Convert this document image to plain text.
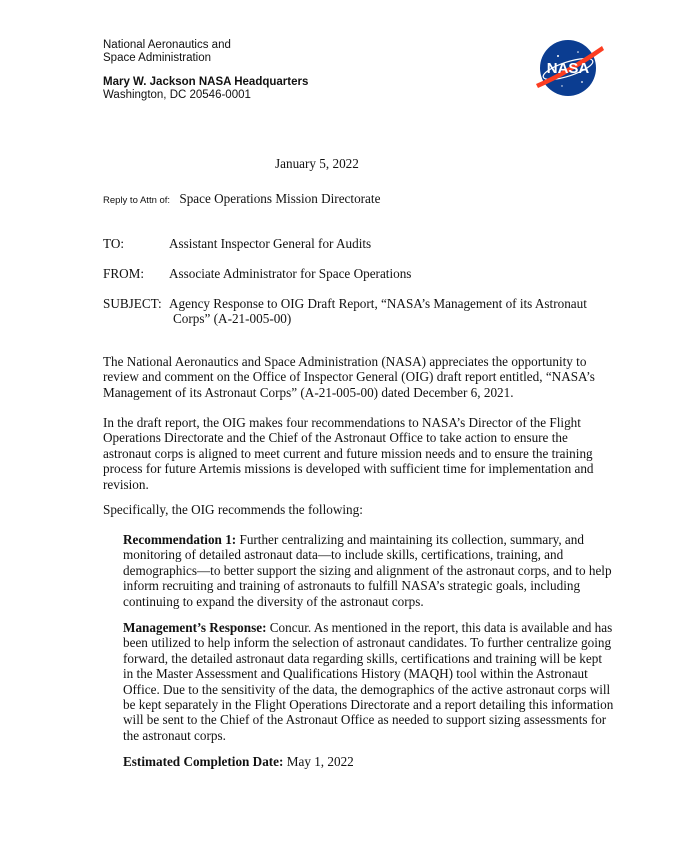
National Aeronautics and
Space Administration
Mary W. Jackson NASA Headquarters
Washington, DC 20546-0001
NASA
January 5, 2022
Reply to Attn of: Space Operations Mission Directorate
TO:	Assistant Inspector General for Audits
FROM: Associate Administrator for Space Operations
SUBJECT: Agency Response to OIG Draft Report, “NASA’s Management of its Astronaut
Corps” (A-21-005-00)
The National Aeronautics and Space Administration (NASA) appreciates the opportunity to review and comment on the Office of Inspector General (OIG) draft report entitled, “NASA’s Management of its Astronaut Corps” (A-21-005-00) dated December 6, 2021.
In the draft report, the OIG makes four recommendations to NASA’s Director of the Flight Operations Directorate and the Chief of the Astronaut Office to take action to ensure the astronaut corps is aligned to meet current and future mission needs and to ensure the training process for future Artemis missions is developed with sufficient time for implementation and revision.
Specifically, the OIG recommends the following:
Recommendation 1: Further centralizing and maintaining its collection, summary, and monitoring of detailed astronaut data—to include skills, certifications, training, and demographics—to better support the sizing and alignment of the astronaut corps, and to help inform recruiting and training of astronauts to fulfill NASA’s strategic goals, including continuing to expand the diversity of the astronaut corps.
Management’s Response: Concur. As mentioned in the report, this data is available and has been utilized to help inform the selection of astronaut candidates. To further centralize going forward, the detailed astronaut data regarding skills, certifications and training will be kept in the Master Assessment and Qualifications History (MAQH) tool within the Astronaut Office. Due to the sensitivity of the data, the demographics of the active astronaut corps will be kept separately in the Flight Operations Directorate and a report detailing this information will be sent to the Chief of the Astronaut Office as needed to support sizing assessments for the astronaut corps.
Estimated Completion Date: May 1, 2022
